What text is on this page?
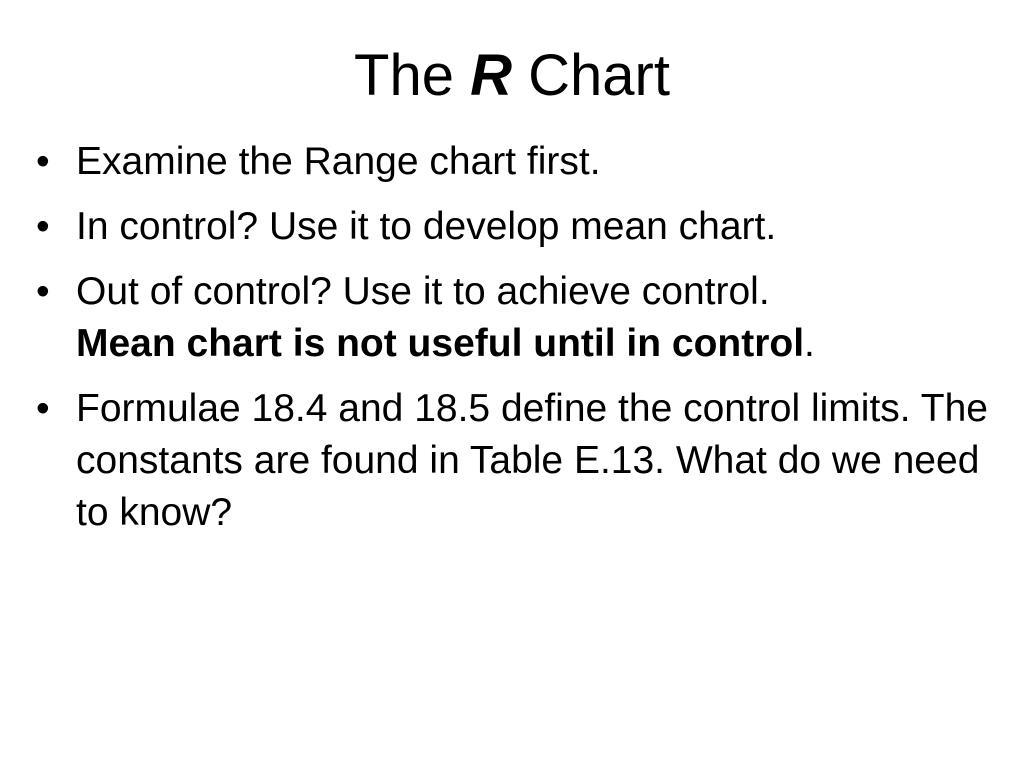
The R Chart
• Examine the Range chart first.
• In control? Use it to develop mean chart.
• Out of control? Use it to achieve control.
Mean chart is not useful until in control.
• Formulae 18.4 and 18.5 define the control limits. The constants are found in Table E.13. What do we need to know?
